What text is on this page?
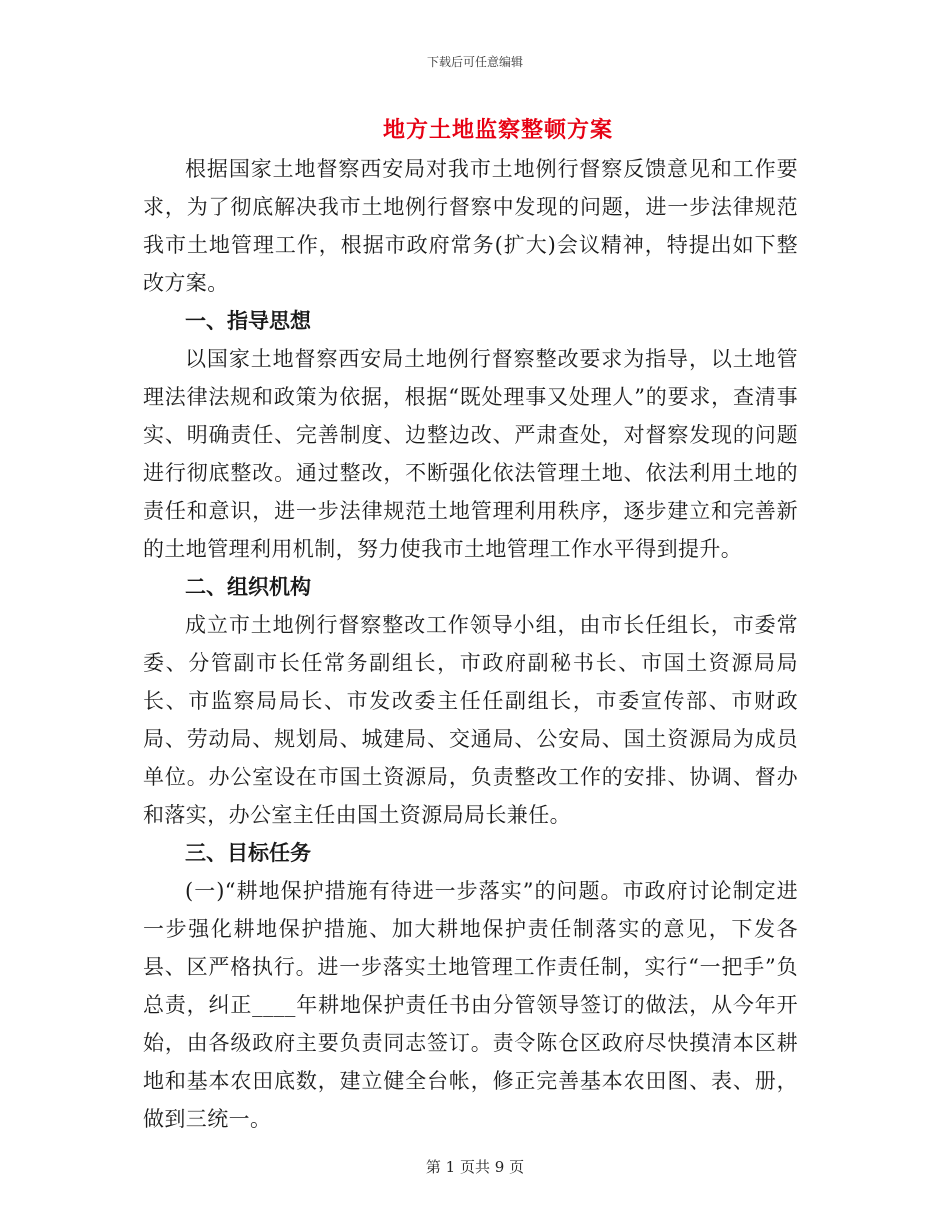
下载后可任意编辑
地方土地监察整顿方案

根据国家土地督察西安局对我市土地例行督察反馈意见和工作要求，为了彻底解决我市土地例行督察中发现的问题，进一步法律规范我市土地管理工作，根据市政府常务(扩大)会议精神，特提出如下整改方案。

一、指导思想

以国家土地督察西安局土地例行督察整改要求为指导，以土地管理法律法规和政策为依据，根据“既处理事又处理人”的要求，查清事实、明确责任、完善制度、边整边改、严肃查处，对督察发现的问题进行彻底整改。通过整改，不断强化依法管理土地、依法利用土地的责任和意识，进一步法律规范土地管理利用秩序，逐步建立和完善新的土地管理利用机制，努力使我市土地管理工作水平得到提升。

二、组织机构

成立市土地例行督察整改工作领导小组，由市长任组长，市委常委、分管副市长任常务副组长，市政府副秘书长、市国土资源局局长、市监察局局长、市发改委主任任副组长，市委宣传部、市财政局、劳动局、规划局、城建局、交通局、公安局、国土资源局为成员单位。办公室设在市国土资源局，负责整改工作的安排、协调、督办和落实，办公室主任由国土资源局局长兼任。

三、目标任务

(一)“耕地保护措施有待进一步落实”的问题。市政府讨论制定进一步强化耕地保护措施、加大耕地保护责任制落实的意见，下发各县、区严格执行。进一步落实土地管理工作责任制，实行“一把手”负总责，纠正____年耕地保护责任书由分管领导签订的做法，从今年开始，由各级政府主要负责同志签订。责令陈仓区政府尽快摸清本区耕地和基本农田底数，建立健全台帐，修正完善基本农田图、表、册，做到三统一。

第 1 页共 9 页
